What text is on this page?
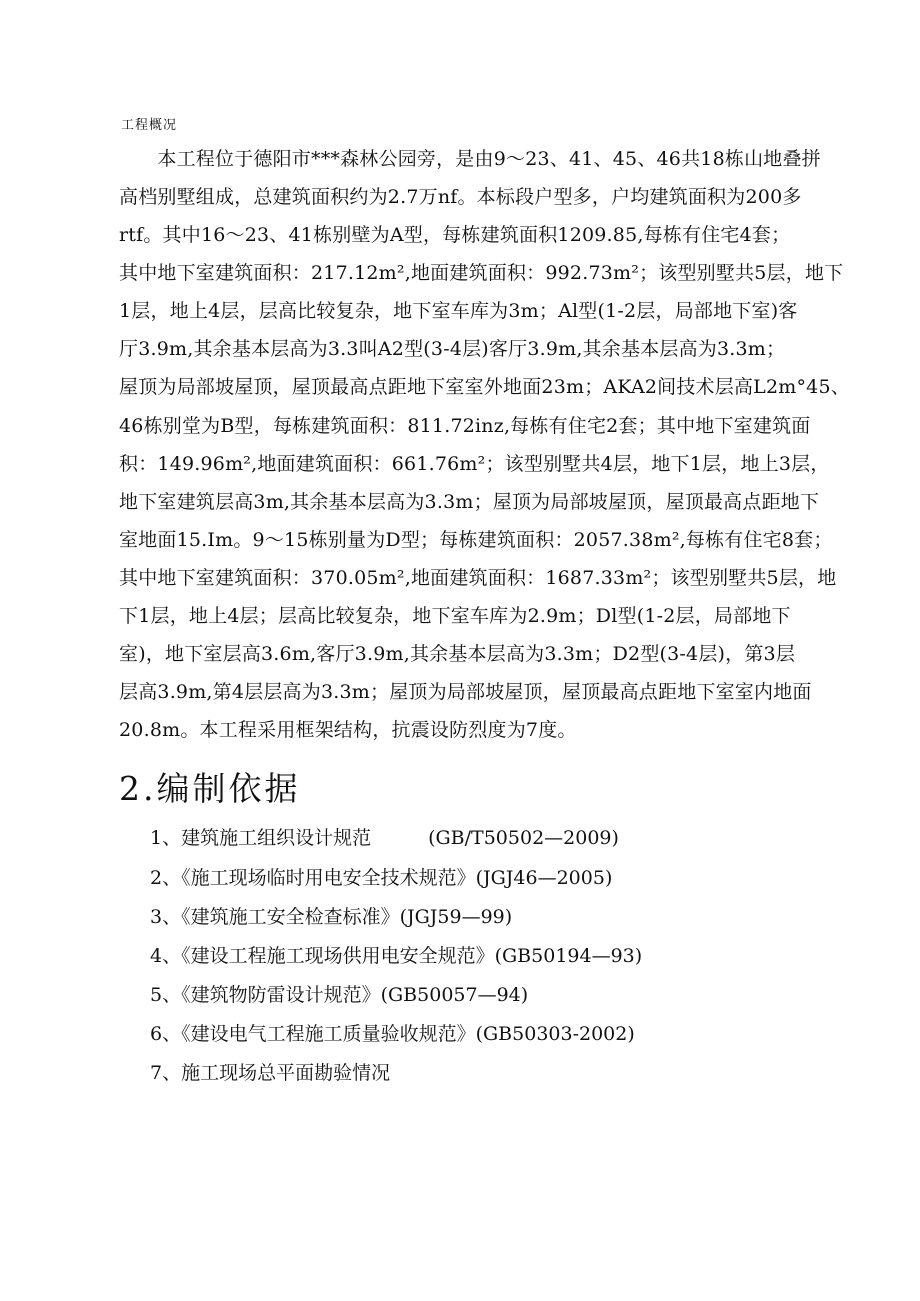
工程概况
　　本工程位于德阳市***森林公园旁，是由9～23、41、45、46共18栋山地叠拼
高档别墅组成，总建筑面积约为2.7万nf。本标段户型多，户均建筑面积为200多
rtf。其中16～23、41栋别壁为A型，每栋建筑面积1209.85,每栋有住宅4套；
其中地下室建筑面积：217.12m²,地面建筑面积：992.73m²；该型别墅共5层，地下
1层，地上4层，层高比较复杂，地下室车库为3m；Al型(1-2层，局部地下室)客
厅3.9m,其余基本层高为3.3叫A2型(3-4层)客厅3.9m,其余基本层高为3.3m；
屋顶为局部坡屋顶，屋顶最高点距地下室室外地面23m；AKA2间技术层高L2m°45、
46栋别堂为B型，每栋建筑面积：811.72inz,每栋有住宅2套；其中地下室建筑面
积：149.96m²,地面建筑面积：661.76m²；该型别墅共4层，地下1层，地上3层，
地下室建筑层高3m,其余基本层高为3.3m；屋顶为局部坡屋顶，屋顶最高点距地下
室地面15.Im。9～15栋别量为D型；每栋建筑面积：2057.38m²,每栋有住宅8套；
其中地下室建筑面积：370.05m²,地面建筑面积：1687.33m²；该型别墅共5层，地
下1层，地上4层；层高比较复杂，地下室车库为2.9m；Dl型(1-2层，局部地下
室)，地下室层高3.6m,客厅3.9m,其余基本层高为3.3m；D2型(3-4层)，第3层
层高3.9m,第4层层高为3.3m；屋顶为局部坡屋顶，屋顶最高点距地下室室内地面
20.8m。本工程采用框架结构，抗震设防烈度为7度。
2.编制依据
1、建筑施工组织设计规范　　　(GB/T50502—2009)
2、《施工现场临时用电安全技术规范》(JGJ46—2005)
3、《建筑施工安全检查标准》(JGJ59—99)
4、《建设工程施工现场供用电安全规范》(GB50194—93)
5、《建筑物防雷设计规范》(GB50057—94)
6、《建设电气工程施工质量验收规范》(GB50303-2002)
7、施工现场总平面勘验情况
